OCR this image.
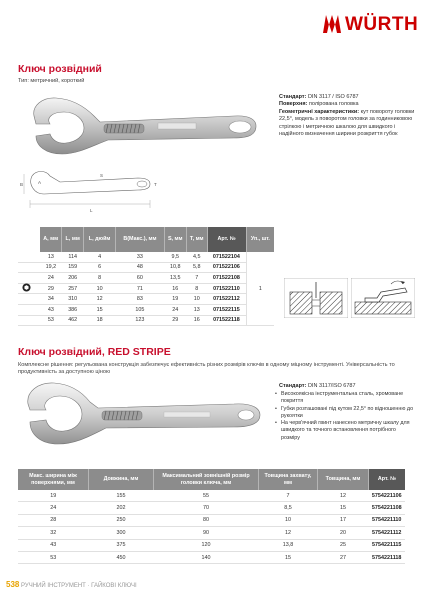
WÜRTH
Ключ розвідний
Тип: метричний, короткий
L
B	A
S
T
Стандарт: DIN 3117 / ISO 6787
Поверхня: полірована головка
Геометричні характеристики: кут повороту головки 22,5°, модель з поворотом головки за годинниковою стрілкою і метричною шкалою для швидкого і надійного визначення ширини розкриття губок
	A, мм	L, мм	L, дюйм	B(Макс.), мм	S, мм	T, мм	Арт. №	Уп., шт.
	13	114	4	33	9,5	4,5	071522104	1
	19,2	159	6	48	10,8	5,8	071522106	
	24	206	8	60	13,5	7	071522108	
	29	257	10	71	16	8	071522110	
	34	310	12	83	19	10	071522112	
	43	386	15	105	24	13	071522115	
	53	462	18	123	29	16	071522118	
Ключ розвідний, RED STRIPE
Комплексне рішення: регульована конструкція забезпечує ефективність різних розмірів ключів в одному міцному інструменті. Універсальність то продуктивність за доступною ціною
Стандарт: DIN 3117/ISO 6787
• Високоякісна інструментальна сталь, хромоване покриття
• Губки розташовані під кутом 22,5° по відношенню до рукоятки
• На черв'ячний гвинт нанесено метричну шкалу для швидкого та точного встановлення потрібного розміру
Макс. ширина між поверхнями, мм	Довжина, мм	Максимальний зовнішній розмір головки ключа, мм	Товщина захвату, мм	Товщина, мм	Арт. №
19	155	55	7	12	5754221106
24	202	70	8,5	15	5754221108
28	250	80	10	17	5754221110
32	300	90	12	20	5754221112
43	375	120	13,8	25	5754221115
53	450	140	15	27	5754221118
538 РУЧНИЙ ІНСТРУМЕНТ · ГАЙКОВІ КЛЮЧІ
